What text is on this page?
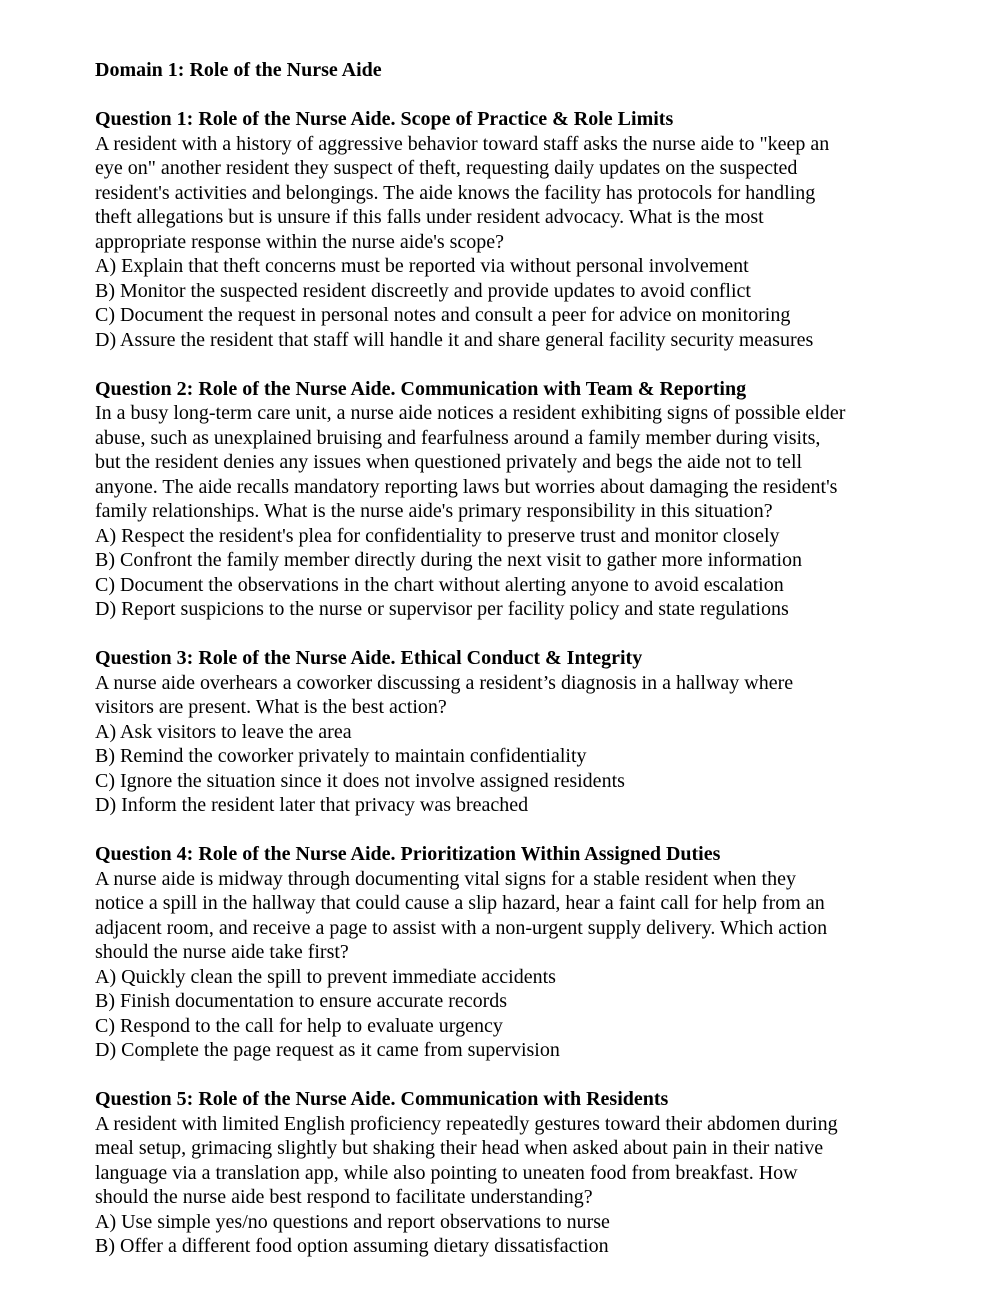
Domain 1: Role of the Nurse Aide
Question 1: Role of the Nurse Aide. Scope of Practice & Role Limits
A resident with a history of aggressive behavior toward staff asks the nurse aide to "keep an
eye on" another resident they suspect of theft, requesting daily updates on the suspected
resident's activities and belongings. The aide knows the facility has protocols for handling
theft allegations but is unsure if this falls under resident advocacy. What is the most
appropriate response within the nurse aide's scope?
A) Explain that theft concerns must be reported via without personal involvement
B) Monitor the suspected resident discreetly and provide updates to avoid conflict
C) Document the request in personal notes and consult a peer for advice on monitoring
D) Assure the resident that staff will handle it and share general facility security measures
Question 2: Role of the Nurse Aide. Communication with Team & Reporting
In a busy long-term care unit, a nurse aide notices a resident exhibiting signs of possible elder
abuse, such as unexplained bruising and fearfulness around a family member during visits,
but the resident denies any issues when questioned privately and begs the aide not to tell
anyone. The aide recalls mandatory reporting laws but worries about damaging the resident's
family relationships. What is the nurse aide's primary responsibility in this situation?
A) Respect the resident's plea for confidentiality to preserve trust and monitor closely
B) Confront the family member directly during the next visit to gather more information
C) Document the observations in the chart without alerting anyone to avoid escalation
D) Report suspicions to the nurse or supervisor per facility policy and state regulations
Question 3: Role of the Nurse Aide. Ethical Conduct & Integrity
A nurse aide overhears a coworker discussing a resident’s diagnosis in a hallway where
visitors are present. What is the best action?
A) Ask visitors to leave the area
B) Remind the coworker privately to maintain confidentiality
C) Ignore the situation since it does not involve assigned residents
D) Inform the resident later that privacy was breached
Question 4: Role of the Nurse Aide. Prioritization Within Assigned Duties
A nurse aide is midway through documenting vital signs for a stable resident when they
notice a spill in the hallway that could cause a slip hazard, hear a faint call for help from an
adjacent room, and receive a page to assist with a non-urgent supply delivery. Which action
should the nurse aide take first?
A) Quickly clean the spill to prevent immediate accidents
B) Finish documentation to ensure accurate records
C) Respond to the call for help to evaluate urgency
D) Complete the page request as it came from supervision
Question 5: Role of the Nurse Aide. Communication with Residents
A resident with limited English proficiency repeatedly gestures toward their abdomen during
meal setup, grimacing slightly but shaking their head when asked about pain in their native
language via a translation app, while also pointing to uneaten food from breakfast. How
should the nurse aide best respond to facilitate understanding?
A) Use simple yes/no questions and report observations to nurse
B) Offer a different food option assuming dietary dissatisfaction
